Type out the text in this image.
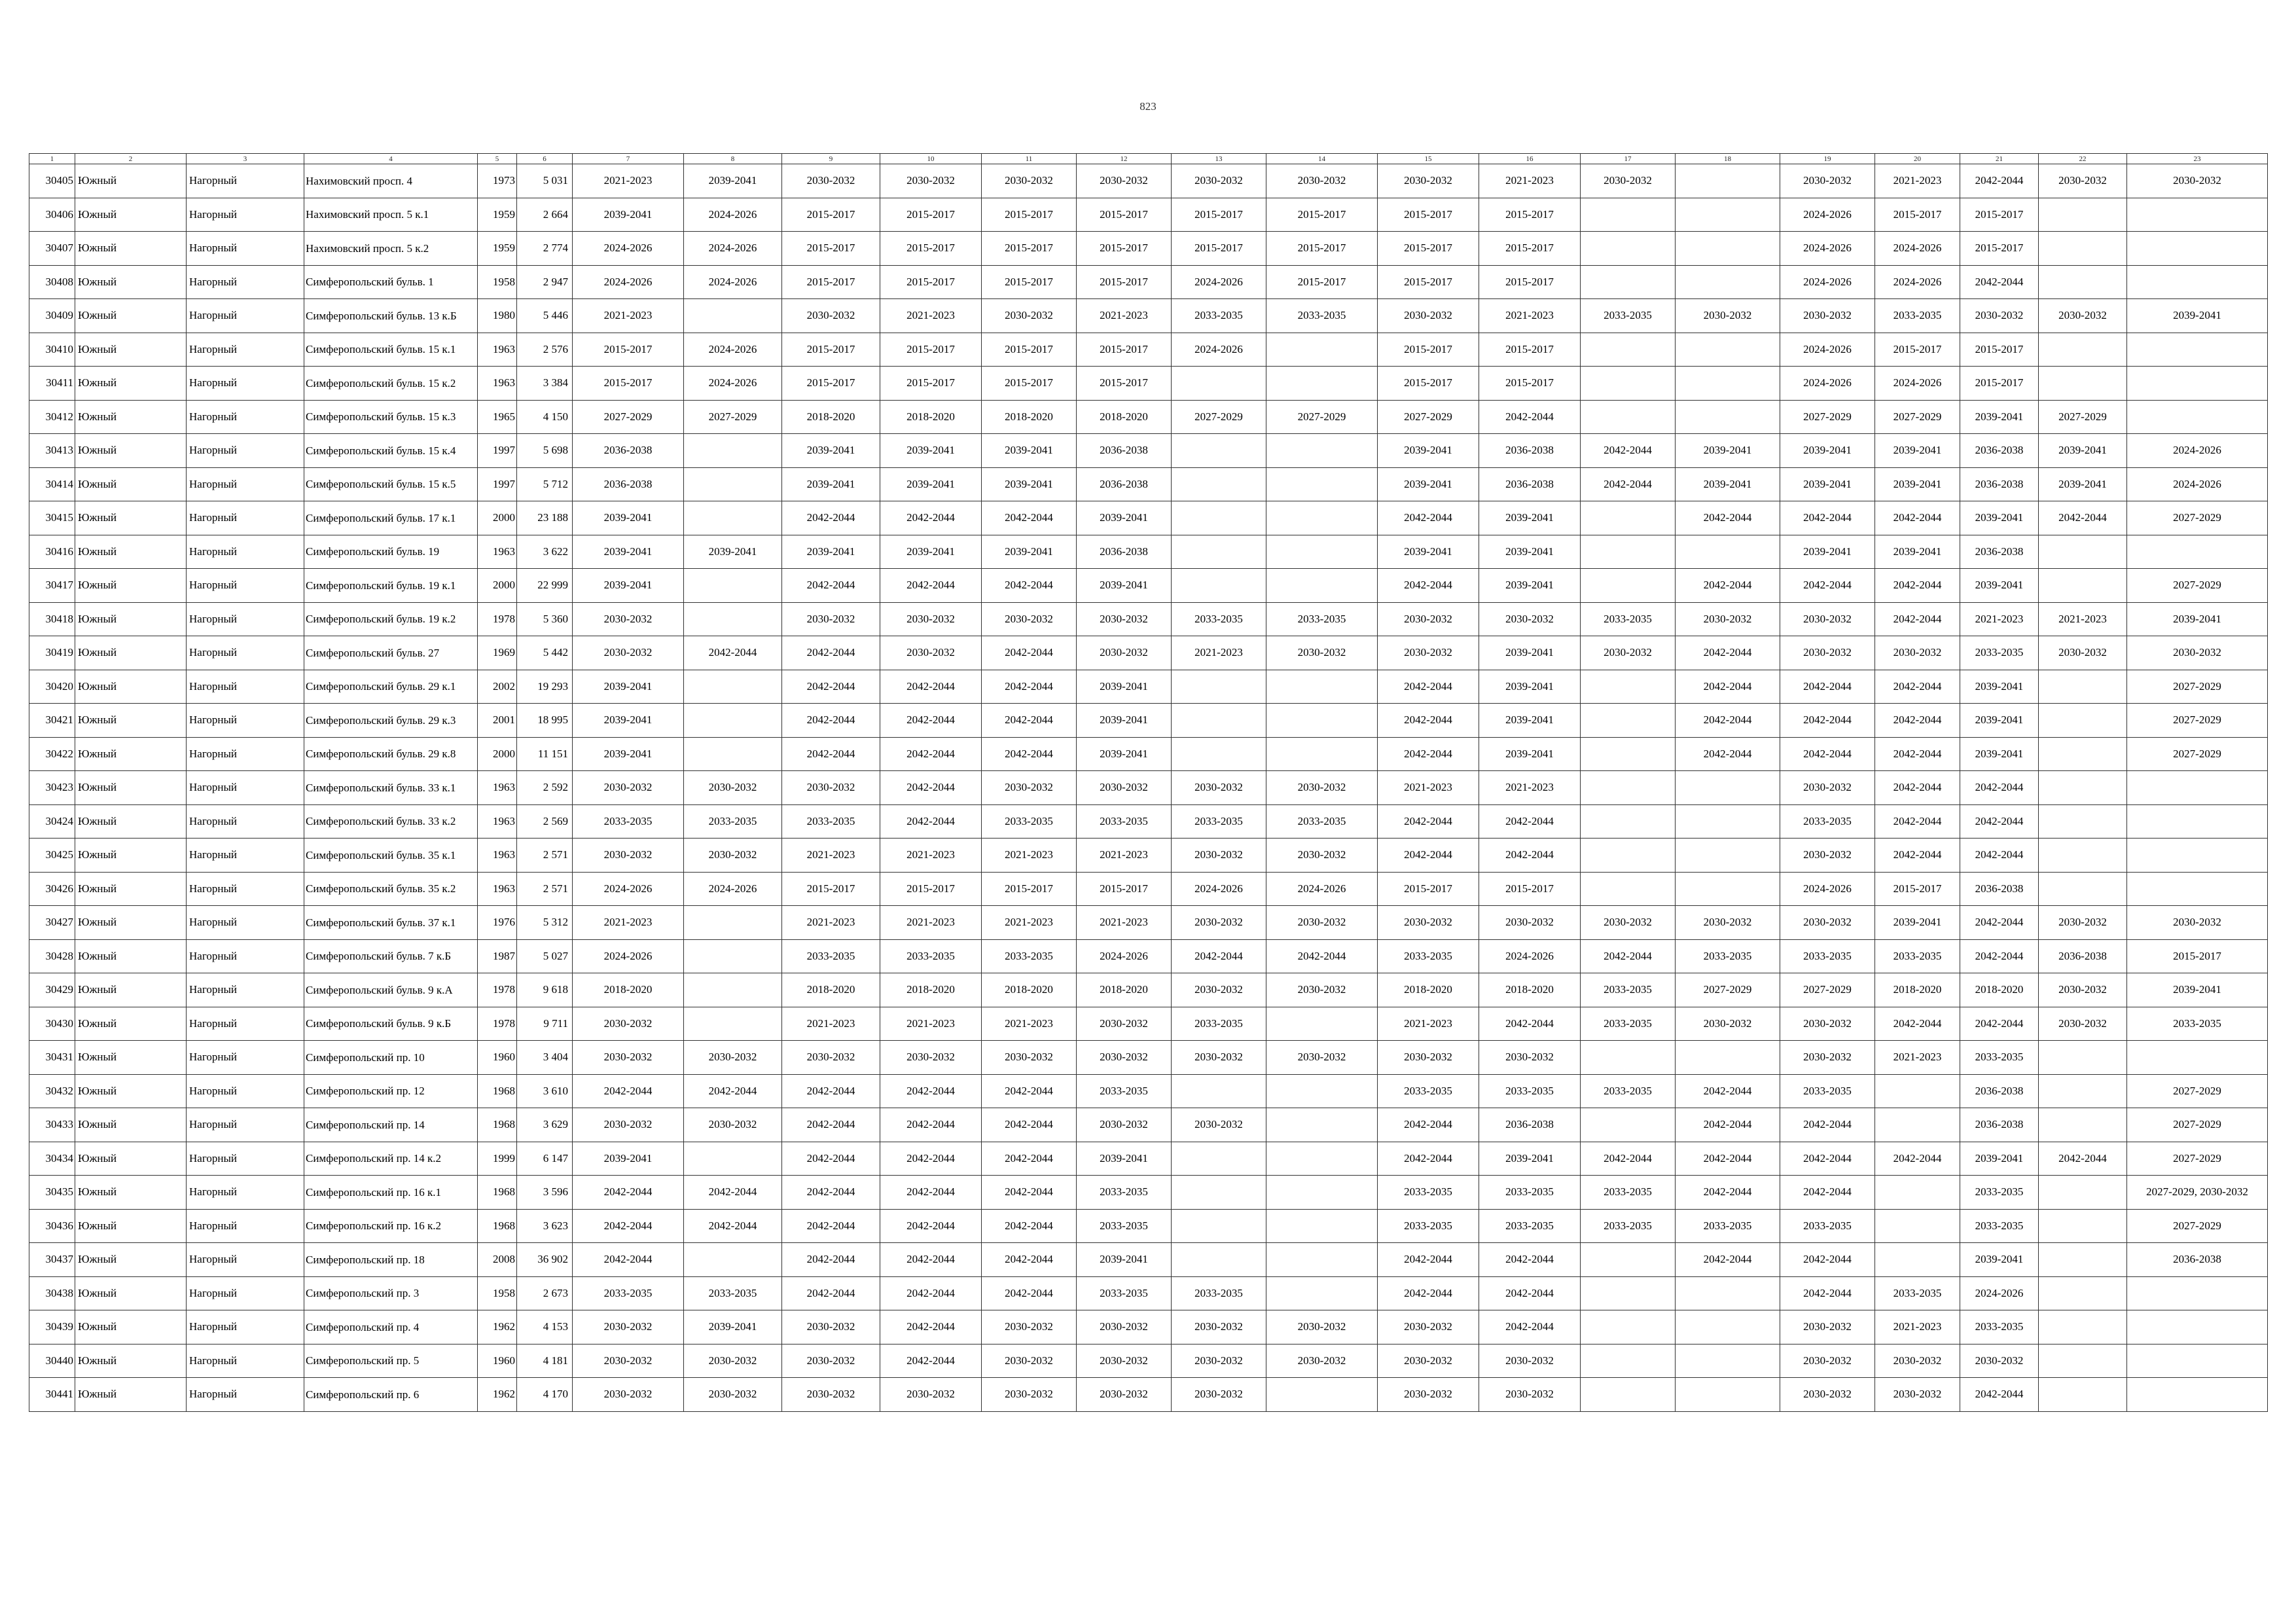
823
1	2	3	4	5	6	7	8	9	10	11	12	13	14	15	16	17	18	19	20	21	22	23
30405	Южный	Нагорный	Нахимовский просп. 4	1973	5 031	2021-2023	2039-2041	2030-2032	2030-2032	2030-2032	2030-2032	2030-2032	2030-2032	2030-2032	2021-2023	2030-2032		2030-2032	2021-2023	2042-2044	2030-2032	2030-2032
30406	Южный	Нагорный	Нахимовский просп. 5 к.1	1959	2 664	2039-2041	2024-2026	2015-2017	2015-2017	2015-2017	2015-2017	2015-2017	2015-2017	2015-2017	2015-2017			2024-2026	2015-2017	2015-2017		
30407	Южный	Нагорный	Нахимовский просп. 5 к.2	1959	2 774	2024-2026	2024-2026	2015-2017	2015-2017	2015-2017	2015-2017	2015-2017	2015-2017	2015-2017	2015-2017			2024-2026	2024-2026	2015-2017		
30408	Южный	Нагорный	Симферопольский бульв. 1	1958	2 947	2024-2026	2024-2026	2015-2017	2015-2017	2015-2017	2015-2017	2024-2026	2015-2017	2015-2017	2015-2017			2024-2026	2024-2026	2042-2044		
30409	Южный	Нагорный	Симферопольский бульв. 13 к.Б	1980	5 446	2021-2023		2030-2032	2021-2023	2030-2032	2021-2023	2033-2035	2033-2035	2030-2032	2021-2023	2033-2035	2030-2032	2030-2032	2033-2035	2030-2032	2030-2032	2039-2041
30410	Южный	Нагорный	Симферопольский бульв. 15 к.1	1963	2 576	2015-2017	2024-2026	2015-2017	2015-2017	2015-2017	2015-2017	2024-2026		2015-2017	2015-2017			2024-2026	2015-2017	2015-2017		
30411	Южный	Нагорный	Симферопольский бульв. 15 к.2	1963	3 384	2015-2017	2024-2026	2015-2017	2015-2017	2015-2017	2015-2017			2015-2017	2015-2017			2024-2026	2024-2026	2015-2017		
30412	Южный	Нагорный	Симферопольский бульв. 15 к.3	1965	4 150	2027-2029	2027-2029	2018-2020	2018-2020	2018-2020	2018-2020	2027-2029	2027-2029	2027-2029	2042-2044			2027-2029	2027-2029	2039-2041	2027-2029	
30413	Южный	Нагорный	Симферопольский бульв. 15 к.4	1997	5 698	2036-2038		2039-2041	2039-2041	2039-2041	2036-2038			2039-2041	2036-2038	2042-2044	2039-2041	2039-2041	2039-2041	2036-2038	2039-2041	2024-2026
30414	Южный	Нагорный	Симферопольский бульв. 15 к.5	1997	5 712	2036-2038		2039-2041	2039-2041	2039-2041	2036-2038			2039-2041	2036-2038	2042-2044	2039-2041	2039-2041	2039-2041	2036-2038	2039-2041	2024-2026
30415	Южный	Нагорный	Симферопольский бульв. 17 к.1	2000	23 188	2039-2041		2042-2044	2042-2044	2042-2044	2039-2041			2042-2044	2039-2041		2042-2044	2042-2044	2042-2044	2039-2041	2042-2044	2027-2029
30416	Южный	Нагорный	Симферопольский бульв. 19	1963	3 622	2039-2041	2039-2041	2039-2041	2039-2041	2039-2041	2036-2038			2039-2041	2039-2041			2039-2041	2039-2041	2036-2038		
30417	Южный	Нагорный	Симферопольский бульв. 19 к.1	2000	22 999	2039-2041		2042-2044	2042-2044	2042-2044	2039-2041			2042-2044	2039-2041		2042-2044	2042-2044	2042-2044	2039-2041		2027-2029
30418	Южный	Нагорный	Симферопольский бульв. 19 к.2	1978	5 360	2030-2032		2030-2032	2030-2032	2030-2032	2030-2032	2033-2035	2033-2035	2030-2032	2030-2032	2033-2035	2030-2032	2030-2032	2042-2044	2021-2023	2021-2023	2039-2041
30419	Южный	Нагорный	Симферопольский бульв. 27	1969	5 442	2030-2032	2042-2044	2042-2044	2030-2032	2042-2044	2030-2032	2021-2023	2030-2032	2030-2032	2039-2041	2030-2032	2042-2044	2030-2032	2030-2032	2033-2035	2030-2032	2030-2032
30420	Южный	Нагорный	Симферопольский бульв. 29 к.1	2002	19 293	2039-2041		2042-2044	2042-2044	2042-2044	2039-2041			2042-2044	2039-2041		2042-2044	2042-2044	2042-2044	2039-2041		2027-2029
30421	Южный	Нагорный	Симферопольский бульв. 29 к.3	2001	18 995	2039-2041		2042-2044	2042-2044	2042-2044	2039-2041			2042-2044	2039-2041		2042-2044	2042-2044	2042-2044	2039-2041		2027-2029
30422	Южный	Нагорный	Симферопольский бульв. 29 к.8	2000	11 151	2039-2041		2042-2044	2042-2044	2042-2044	2039-2041			2042-2044	2039-2041		2042-2044	2042-2044	2042-2044	2039-2041		2027-2029
30423	Южный	Нагорный	Симферопольский бульв. 33 к.1	1963	2 592	2030-2032	2030-2032	2030-2032	2042-2044	2030-2032	2030-2032	2030-2032	2030-2032	2021-2023	2021-2023			2030-2032	2042-2044	2042-2044		
30424	Южный	Нагорный	Симферопольский бульв. 33 к.2	1963	2 569	2033-2035	2033-2035	2033-2035	2042-2044	2033-2035	2033-2035	2033-2035	2033-2035	2042-2044	2042-2044			2033-2035	2042-2044	2042-2044		
30425	Южный	Нагорный	Симферопольский бульв. 35 к.1	1963	2 571	2030-2032	2030-2032	2021-2023	2021-2023	2021-2023	2021-2023	2030-2032	2030-2032	2042-2044	2042-2044			2030-2032	2042-2044	2042-2044		
30426	Южный	Нагорный	Симферопольский бульв. 35 к.2	1963	2 571	2024-2026	2024-2026	2015-2017	2015-2017	2015-2017	2015-2017	2024-2026	2024-2026	2015-2017	2015-2017			2024-2026	2015-2017	2036-2038		
30427	Южный	Нагорный	Симферопольский бульв. 37 к.1	1976	5 312	2021-2023		2021-2023	2021-2023	2021-2023	2021-2023	2030-2032	2030-2032	2030-2032	2030-2032	2030-2032	2030-2032	2030-2032	2039-2041	2042-2044	2030-2032	2030-2032
30428	Южный	Нагорный	Симферопольский бульв. 7 к.Б	1987	5 027	2024-2026		2033-2035	2033-2035	2033-2035	2024-2026	2042-2044	2042-2044	2033-2035	2024-2026	2042-2044	2033-2035	2033-2035	2033-2035	2042-2044	2036-2038	2015-2017
30429	Южный	Нагорный	Симферопольский бульв. 9 к.А	1978	9 618	2018-2020		2018-2020	2018-2020	2018-2020	2018-2020	2030-2032	2030-2032	2018-2020	2018-2020	2033-2035	2027-2029	2027-2029	2018-2020	2018-2020	2030-2032	2039-2041
30430	Южный	Нагорный	Симферопольский бульв. 9 к.Б	1978	9 711	2030-2032		2021-2023	2021-2023	2021-2023	2030-2032	2033-2035		2021-2023	2042-2044	2033-2035	2030-2032	2030-2032	2042-2044	2042-2044	2030-2032	2033-2035
30431	Южный	Нагорный	Симферопольский пр. 10	1960	3 404	2030-2032	2030-2032	2030-2032	2030-2032	2030-2032	2030-2032	2030-2032	2030-2032	2030-2032	2030-2032			2030-2032	2021-2023	2033-2035		
30432	Южный	Нагорный	Симферопольский пр. 12	1968	3 610	2042-2044	2042-2044	2042-2044	2042-2044	2042-2044	2033-2035			2033-2035	2033-2035	2033-2035	2042-2044	2033-2035		2036-2038		2027-2029
30433	Южный	Нагорный	Симферопольский пр. 14	1968	3 629	2030-2032	2030-2032	2042-2044	2042-2044	2042-2044	2030-2032	2030-2032		2042-2044	2036-2038		2042-2044	2042-2044		2036-2038		2027-2029
30434	Южный	Нагорный	Симферопольский пр. 14 к.2	1999	6 147	2039-2041		2042-2044	2042-2044	2042-2044	2039-2041			2042-2044	2039-2041	2042-2044	2042-2044	2042-2044	2042-2044	2039-2041	2042-2044	2027-2029
30435	Южный	Нагорный	Симферопольский пр. 16 к.1	1968	3 596	2042-2044	2042-2044	2042-2044	2042-2044	2042-2044	2033-2035			2033-2035	2033-2035	2033-2035	2042-2044	2042-2044		2033-2035		2027-2029, 2030-2032
30436	Южный	Нагорный	Симферопольский пр. 16 к.2	1968	3 623	2042-2044	2042-2044	2042-2044	2042-2044	2042-2044	2033-2035			2033-2035	2033-2035	2033-2035	2033-2035	2033-2035		2033-2035		2027-2029
30437	Южный	Нагорный	Симферопольский пр. 18	2008	36 902	2042-2044		2042-2044	2042-2044	2042-2044	2039-2041			2042-2044	2042-2044		2042-2044	2042-2044		2039-2041		2036-2038
30438	Южный	Нагорный	Симферопольский пр. 3	1958	2 673	2033-2035	2033-2035	2042-2044	2042-2044	2042-2044	2033-2035	2033-2035		2042-2044	2042-2044			2042-2044	2033-2035	2024-2026		
30439	Южный	Нагорный	Симферопольский пр. 4	1962	4 153	2030-2032	2039-2041	2030-2032	2042-2044	2030-2032	2030-2032	2030-2032	2030-2032	2030-2032	2042-2044			2030-2032	2021-2023	2033-2035		
30440	Южный	Нагорный	Симферопольский пр. 5	1960	4 181	2030-2032	2030-2032	2030-2032	2042-2044	2030-2032	2030-2032	2030-2032	2030-2032	2030-2032	2030-2032			2030-2032	2030-2032	2030-2032		
30441	Южный	Нагорный	Симферопольский пр. 6	1962	4 170	2030-2032	2030-2032	2030-2032	2030-2032	2030-2032	2030-2032	2030-2032		2030-2032	2030-2032			2030-2032	2030-2032	2042-2044		
